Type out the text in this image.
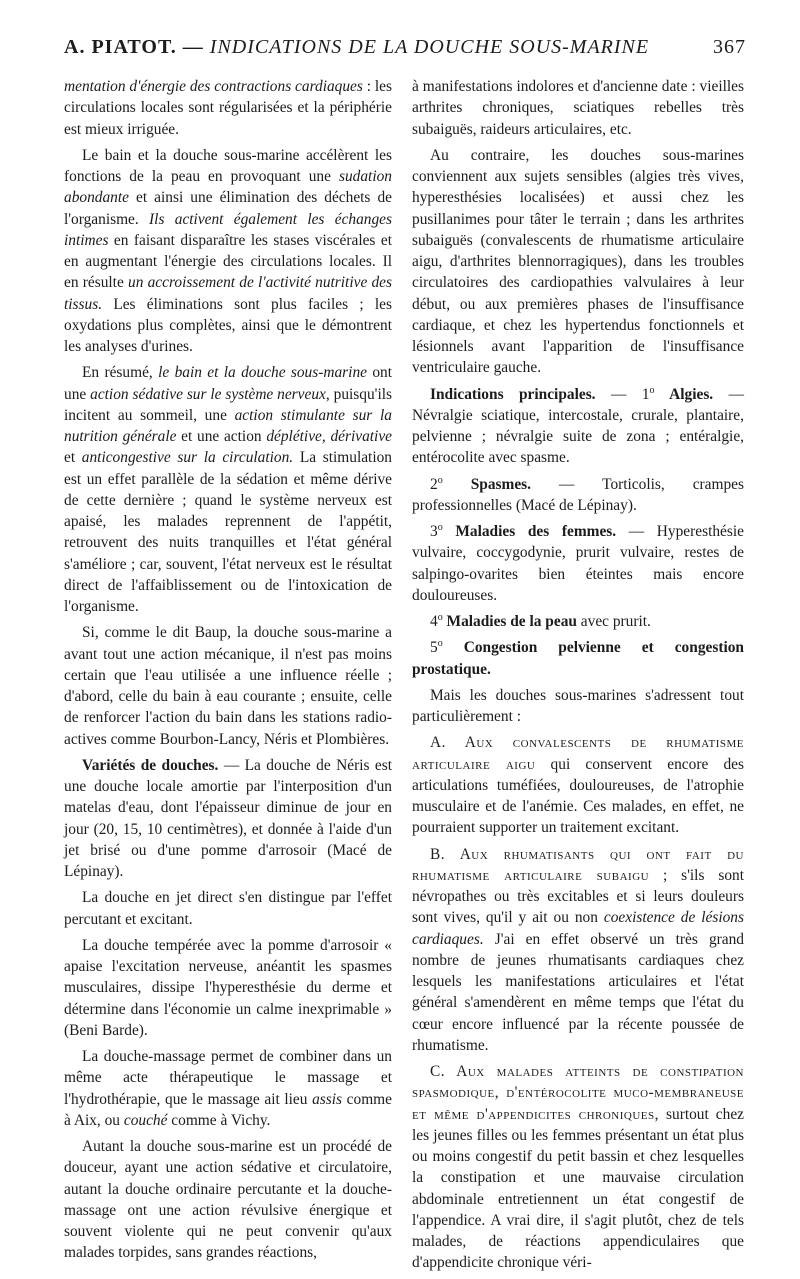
A. PIATOT. — INDICATIONS DE LA DOUCHE SOUS-MARINE	367

mentation d'énergie des contractions cardiaques : les circulations locales sont régularisées et la périphérie est mieux irriguée.

Le bain et la douche sous-marine accélèrent les fonctions de la peau en provoquant une sudation abondante et ainsi une élimination des déchets de l'organisme. Ils activent également les échanges intimes en faisant disparaître les stases viscérales et en augmentant l'énergie des circulations locales. Il en résulte un accroissement de l'activité nutritive des tissus. Les éliminations sont plus faciles ; les oxydations plus complètes, ainsi que le démontrent les analyses d'urines.

En résumé, le bain et la douche sous-marine ont une action sédative sur le système nerveux, puisqu'ils incitent au sommeil, une action stimulante sur la nutrition générale et une action déplétive, dérivative et anticongestive sur la circulation. La stimulation est un effet parallèle de la sédation et même dérive de cette dernière ; quand le système nerveux est apaisé, les malades reprennent de l'appétit, retrouvent des nuits tranquilles et l'état général s'améliore ; car, souvent, l'état nerveux est le résultat direct de l'affaiblissement ou de l'intoxication de l'organisme.

Si, comme le dit Baup, la douche sous-marine a avant tout une action mécanique, il n'est pas moins certain que l'eau utilisée a une influence réelle ; d'abord, celle du bain à eau courante ; ensuite, celle de renforcer l'action du bain dans les stations radio-actives comme Bourbon-Lancy, Néris et Plombières.

Variétés de douches. — La douche de Néris est une douche locale amortie par l'interposition d'un matelas d'eau, dont l'épaisseur diminue de jour en jour (20, 15, 10 centimètres), et donnée à l'aide d'un jet brisé ou d'une pomme d'arrosoir (Macé de Lépinay).

La douche en jet direct s'en distingue par l'effet percutant et excitant.

La douche tempérée avec la pomme d'arrosoir « apaise l'excitation nerveuse, anéantit les spasmes musculaires, dissipe l'hyperesthésie du derme et détermine dans l'économie un calme inexprimable » (Beni Barde).

La douche-massage permet de combiner dans un même acte thérapeutique le massage et l'hydrothérapie, que le massage ait lieu assis comme à Aix, ou couché comme à Vichy.

Autant la douche sous-marine est un procédé de douceur, ayant une action sédative et circulatoire, autant la douche ordinaire percutante et la douche-massage ont une action révulsive énergique et souvent violente qui ne peut convenir qu'aux malades torpides, sans grandes réactions,

à manifestations indolores et d'ancienne date : vieilles arthrites chroniques, sciatiques rebelles très subaiguës, raideurs articulaires, etc.

Au contraire, les douches sous-marines conviennent aux sujets sensibles (algies très vives, hyperesthésies localisées) et aussi chez les pusillanimes pour tâter le terrain ; dans les arthrites subaiguës (convalescents de rhumatisme articulaire aigu, d'arthrites blennorragiques), dans les troubles circulatoires des cardiopathies valvulaires à leur début, ou aux premières phases de l'insuffisance cardiaque, et chez les hypertendus fonctionnels et lésionnels avant l'apparition de l'insuffisance ventriculaire gauche.

Indications principales. — 1$^o$ Algies. — Névralgie sciatique, intercostale, crurale, plantaire, pelvienne ; névralgie suite de zona ; entéralgie, entérocolite avec spasme.

2$^o$ Spasmes. — Torticolis, crampes professionnelles (Macé de Lépinay).

3$^o$ Maladies des femmes. — Hyperesthésie vulvaire, coccygodynie, prurit vulvaire, restes de salpingo-ovarites bien éteintes mais encore douloureuses.

4$^o$ Maladies de la peau avec prurit.

5$^o$ Congestion pelvienne et congestion prostatique.

Mais les douches sous-marines s'adressent tout particulièrement :

A. Aux convalescents de rhumatisme articulaire aigu qui conservent encore des articulations tuméfiées, douloureuses, de l'atrophie musculaire et de l'anémie. Ces malades, en effet, ne pourraient supporter un traitement excitant.

B. Aux rhumatisants qui ont fait du rhumatisme articulaire subaigu ; s'ils sont névropathes ou très excitables et si leurs douleurs sont vives, qu'il y ait ou non coexistence de lésions cardiaques. J'ai en effet observé un très grand nombre de jeunes rhumatisants cardiaques chez lesquels les manifestations articulaires et l'état général s'amendèrent en même temps que l'état du cœur encore influencé par la récente poussée de rhumatisme.

C. Aux malades atteints de constipation spasmodique, d'entérocolite muco-membraneuse et même d'appendicites chroniques, surtout chez les jeunes filles ou les femmes présentant un état plus ou moins congestif du petit bassin et chez lesquelles la constipation et une mauvaise circulation abdominale entretiennent un état congestif de l'appendice. A vrai dire, il s'agit plutôt, chez de tels malades, de réactions appendiculaires que d'appendicite chronique véri-
